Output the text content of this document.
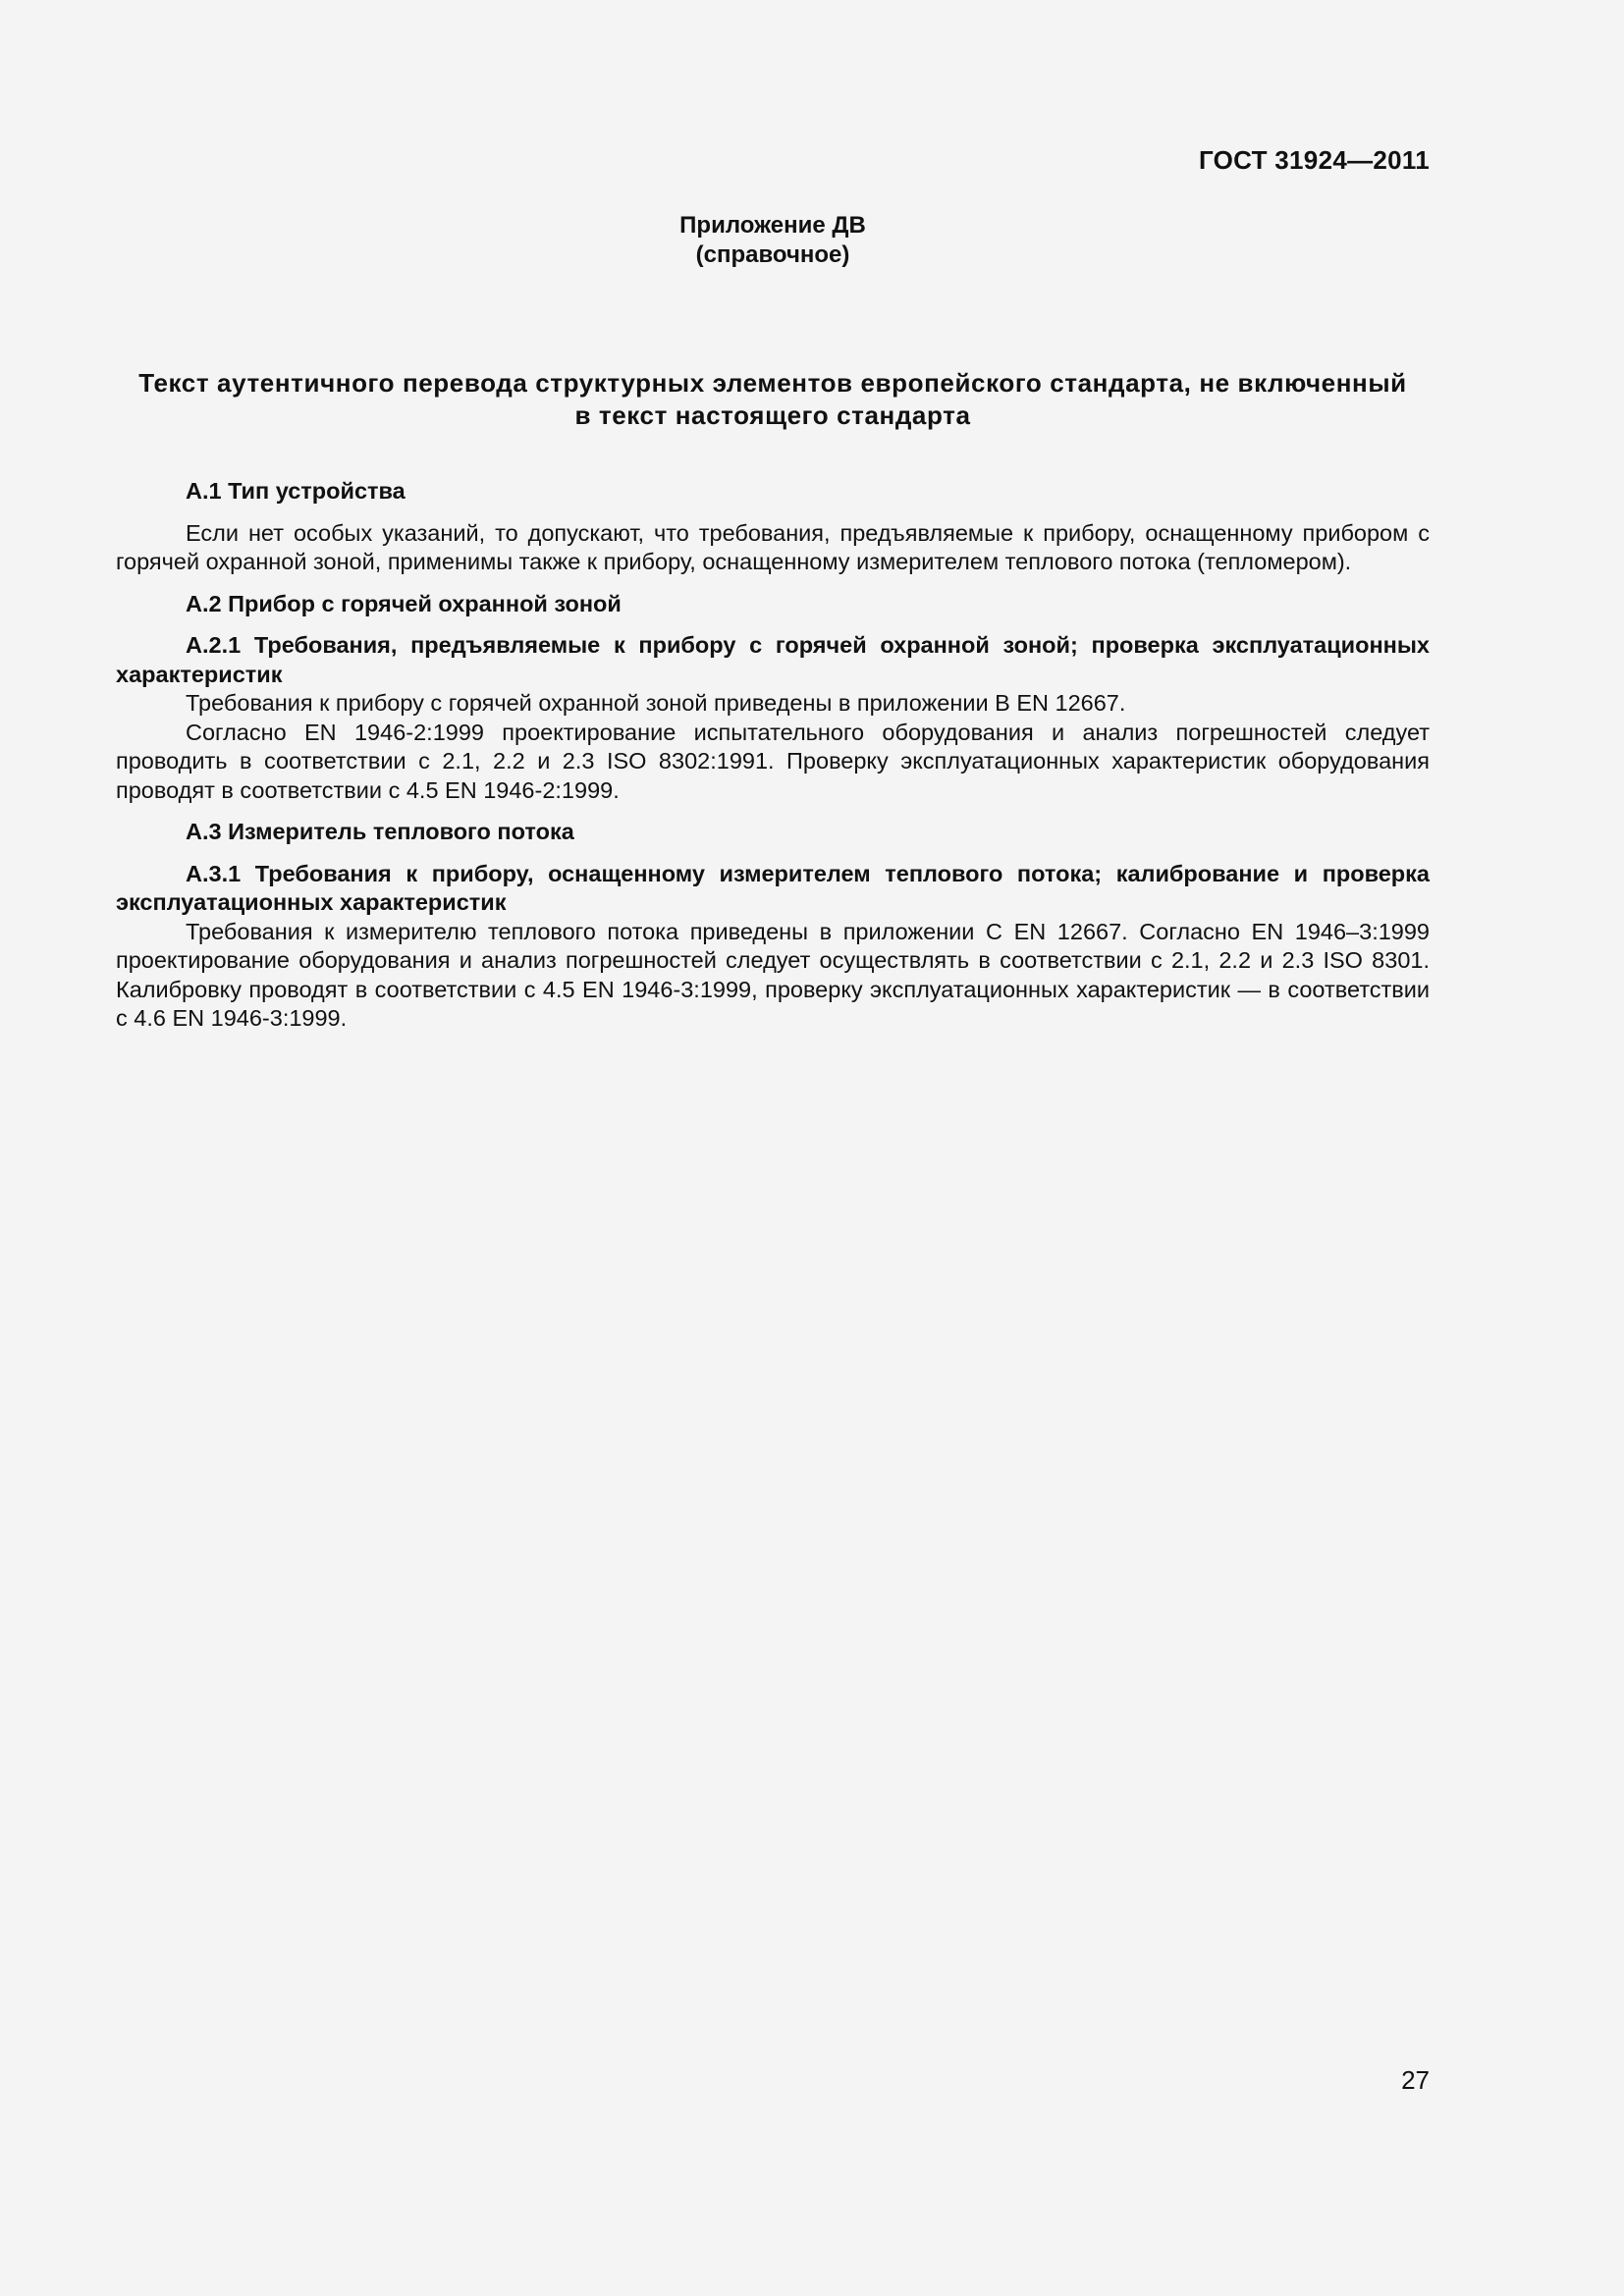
ГОСТ 31924—2011
Приложение ДВ
(справочное)
Текст аутентичного перевода структурных элементов европейского стандарта, не включенный
в текст настоящего стандарта
А.1 Тип устройства
Если нет особых указаний, то допускают, что требования, предъявляемые к прибору, оснащенному прибором с горячей охранной зоной, применимы также к прибору, оснащенному измерителем теплового потока (тепломером).
А.2 Прибор с горячей охранной зоной
А.2.1 Требования, предъявляемые к прибору с горячей охранной зоной; проверка эксплуатационных характеристик
Требования к прибору с горячей охранной зоной приведены в приложении В EN 12667.
Согласно EN 1946-2:1999 проектирование испытательного оборудования и анализ погрешностей следует проводить в соответствии с 2.1, 2.2 и 2.3 ISO 8302:1991. Проверку эксплуатационных характеристик оборудования проводят в соответствии с 4.5 EN 1946-2:1999.
А.3 Измеритель теплового потока
А.3.1 Требования к прибору, оснащенному измерителем теплового потока; калибрование и проверка эксплуатационных характеристик
Требования к измерителю теплового потока приведены в приложении С EN 12667. Согласно EN 1946–3:1999 проектирование оборудования и анализ погрешностей следует осуществлять в соответствии с 2.1, 2.2 и 2.3 ISO 8301. Калибровку проводят в соответствии с 4.5 EN 1946-3:1999, проверку эксплуатационных характеристик — в соответствии с 4.6 EN 1946-3:1999.
27
